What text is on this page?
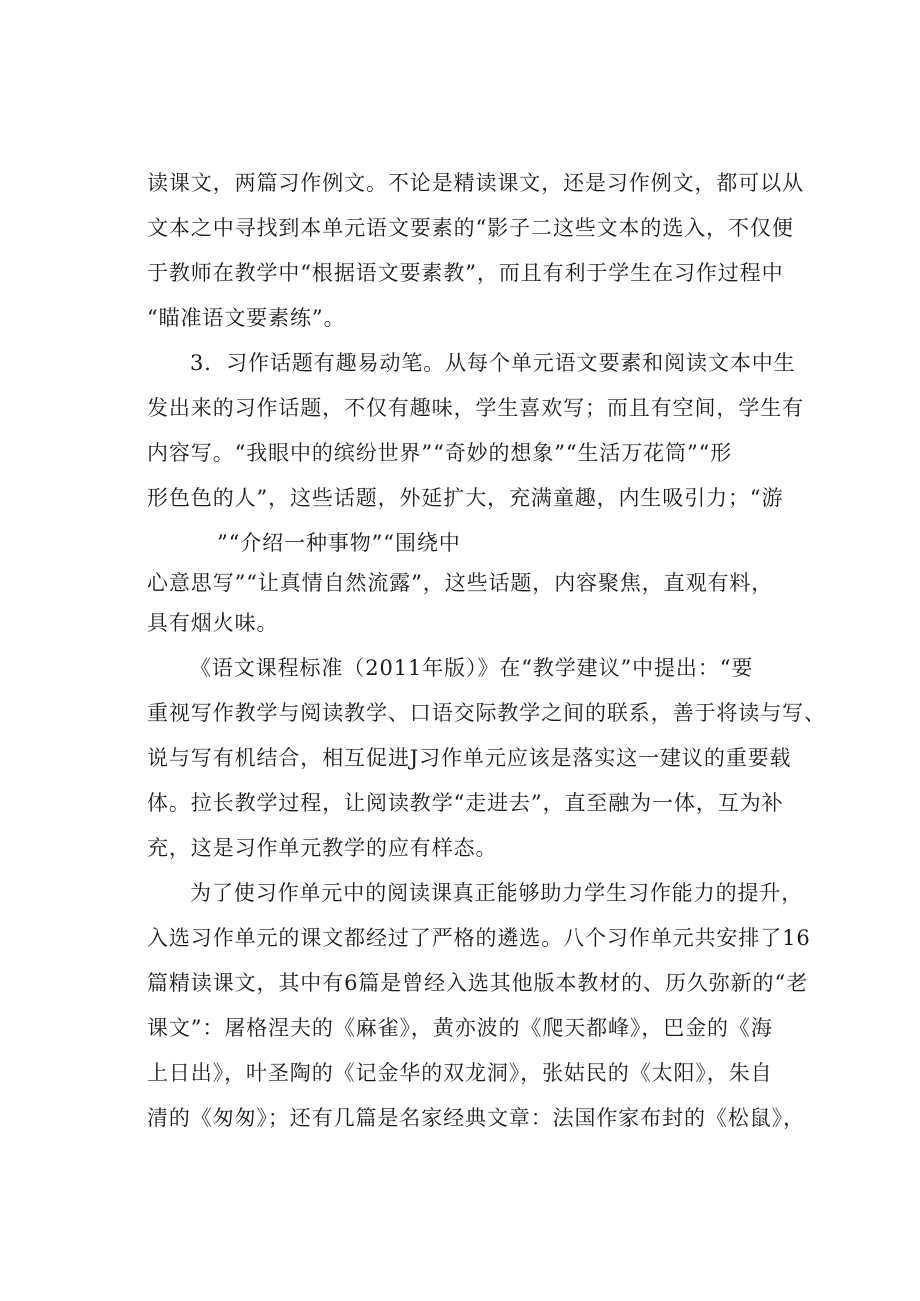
读课文，两篇习作例文。不论是精读课文，还是习作例文，都可以从
文本之中寻找到本单元语文要素的“影子二这些文本的选入，不仅便
于教师在教学中“根据语文要素教”，而且有利于学生在习作过程中
“瞄准语文要素练”。
3．习作话题有趣易动笔。从每个单元语文要素和阅读文本中生
发出来的习作话题，不仅有趣味，学生喜欢写；而且有空间，学生有
内容写。“我眼中的缤纷世界”“奇妙的想象”“生活万花筒”“形
形色色的人”，这些话题，外延扩大，充满童趣，内生吸引力；“游
”“介绍一种事物”“围绕中
心意思写”“让真情自然流露”，这些话题，内容聚焦，直观有料，
具有烟火味。
《语文课程标准（2011年版）》在“教学建议”中提出：“要
重视写作教学与阅读教学、口语交际教学之间的联系，善于将读与写、
说与写有机结合，相互促进J习作单元应该是落实这一建议的重要载
体。拉长教学过程，让阅读教学“走进去”，直至融为一体，互为补
充，这是习作单元教学的应有样态。
为了使习作单元中的阅读课真正能够助力学生习作能力的提升，
入选习作单元的课文都经过了严格的遴选。八个习作单元共安排了16
篇精读课文，其中有6篇是曾经入选其他版本教材的、历久弥新的“老
课文”：屠格涅夫的《麻雀》，黄亦波的《爬天都峰》，巴金的《海
上日出》，叶圣陶的《记金华的双龙洞》，张姑民的《太阳》，朱自
清的《匆匆》；还有几篇是名家经典文章：法国作家布封的《松鼠》，
